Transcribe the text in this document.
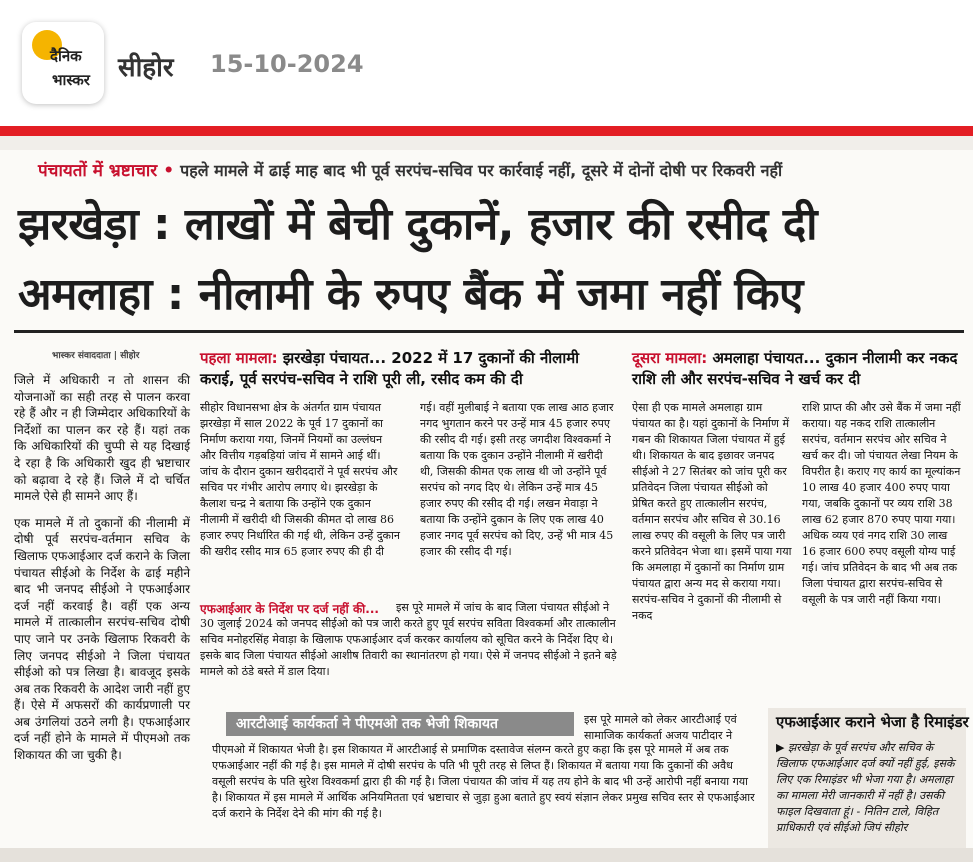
दैनिक
भास्कर सीहोर 15-10-2024
पंचायतों में भ्रष्टाचार • पहले मामले में ढाई माह बाद भी पूर्व सरपंच-सचिव पर कार्रवाई नहीं, दूसरे में दोनों दोषी पर रिकवरी नहीं
झरखेड़ा : लाखों में बेची दुकानें, हजार की रसीद दी
अमलाहा : नीलामी के रुपए बैंक में जमा नहीं किए
भास्कर संवाददाता | सीहोर

जिले में अधिकारी न तो शासन की योजनाओं का सही तरह से पालन करवा रहे हैं और न ही जिम्मेदार अधिकारियों के निर्देशों का पालन कर रहे हैं। यहां तक कि अधिकारियों की चुप्पी से यह दिखाई दे रहा है कि अधिकारी खुद ही भ्रष्टाचार को बढ़ावा दे रहे हैं। जिले में दो चर्चित मामले ऐसे ही सामने आए हैं।

एक मामले में तो दुकानों की नीलामी में दोषी पूर्व सरपंच-वर्तमान सचिव के खिलाफ एफआईआर दर्ज कराने के जिला पंचायत सीईओ के निर्देश के ढाई महीने बाद भी जनपद सीईओ ने एफआईआर दर्ज नहीं करवाई है। वहीं एक अन्य मामले में तात्कालीन सरपंच-सचिव दोषी पाए जाने पर उनके खिलाफ रिकवरी के लिए जनपद सीईओ ने जिला पंचायत सीईओ को पत्र लिखा है। बावजूद इसके अब तक रिकवरी के आदेश जारी नहीं हुए हैं। ऐसे में अफसरों की कार्यप्रणाली पर अब उंगलियां उठने लगी है। एफआईआर दर्ज नहीं होने के मामले में पीएमओ तक शिकायत की जा चुकी है।

पहला मामला: झरखेड़ा पंचायत... 2022 में 17 दुकानों की नीलामी कराई, पूर्व सरपंच-सचिव ने राशि पूरी ली, रसीद कम की दी
सीहोर विधानसभा क्षेत्र के अंतर्गत ग्राम पंचायत झरखेड़ा में साल 2022 के पूर्व 17 दुकानों का निर्माण कराया गया, जिनमें नियमों का उल्लंघन और वित्तीय गड़बड़ियां जांच में सामने आई थीं। जांच के दौरान दुकान खरीददारों ने पूर्व सरपंच और सचिव पर गंभीर आरोप लगाए थे। झरखेड़ा के कैलाश चन्द्र ने बताया कि उन्होंने एक दुकान नीलामी में खरीदी थी जिसकी कीमत दो लाख 86 हजार रुपए निर्धारित की गई थी, लेकिन उन्हें दुकान की खरीद रसीद मात्र 65 हजार रुपए की ही दी
गई। वहीं मुलीबाई ने बताया एक लाख आठ हजार नगद भुगतान करने पर उन्हें मात्र 45 हजार रुपए की रसीद दी गई। इसी तरह जगदीश विश्वकर्मा ने बताया कि एक दुकान उन्होंने नीलामी में खरीदी थी, जिसकी कीमत एक लाख थी जो उन्होंने पूर्व सरपंच को नगद दिए थे। लेकिन उन्हें मात्र 45 हजार रुपए की रसीद दी गई। लखन मेवाड़ा ने बताया कि उन्होंने दुकान के लिए एक लाख 40 हजार नगद पूर्व सरपंच को दिए, उन्हें भी मात्र 45 हजार की रसीद दी गई।
एफआईआर के निर्देश पर दर्ज नहीं की...	इस पूरे मामले में जांच के बाद जिला पंचायत सीईओ ने 30 जुलाई 2024 को जनपद सीईओ को पत्र जारी करते हुए पूर्व सरपंच सविता विश्वकर्मा और तात्कालीन सचिव मनोहरसिंह मेवाड़ा के खिलाफ एफआईआर दर्ज करकर कार्यालय को सूचित करने के निर्देश दिए थे। इसके बाद जिला पंचायत सीईओ आशीष तिवारी का स्थानांतरण हो गया। ऐसे में जनपद सीईओ ने इतने बड़े मामले को ठंडे बस्ते में डाल दिया।
दूसरा मामला: अमलाहा पंचायत... दुकान नीलामी कर नकद राशि ली और सरपंच-सचिव ने खर्च कर दी
ऐसा ही एक मामले अमलाहा ग्राम पंचायत का है। यहां दुकानों के निर्माण में गबन की शिकायत जिला पंचायत में हुई थी। शिकायत के बाद इछावर जनपद सीईओ ने 27 सितंबर को जांच पूरी कर प्रतिवेदन जिला पंचायत सीईओ को प्रेषित करते हुए तात्कालीन सरपंच, वर्तमान सरपंच और सचिव से 30.16 लाख रुपए की वसूली के लिए पत्र जारी करने प्रतिवेदन भेजा था। इसमें पाया गया कि अमलाहा में दुकानों का निर्माण ग्राम पंचायत द्वारा अन्य मद से कराया गया। सरपंच-सचिव ने दुकानों की नीलामी से नकद
राशि प्राप्त की और उसे बैंक में जमा नहीं कराया। यह नकद राशि तात्कालीन सरपंच, वर्तमान सरपंच ओर सचिव ने खर्च कर दी। जो पंचायत लेखा नियम के विपरीत है। कराए गए कार्य का मूल्यांकन 10 लाख 40 हजार 400 रुपए पाया गया, जबकि दुकानों पर व्यय राशि 38 लाख 62 हजार 870 रुपए पाया गया। अधिक व्यय एवं नगद राशि 30 लाख 16 हजार 600 रुपए वसूली योग्य पाई गई। जांच प्रतिवेदन के बाद भी अब तक जिला पंचायत द्वारा सरपंच-सचिव से वसूली के पत्र जारी नहीं किया गया।
आरटीआई कार्यकर्ता ने पीएमओ तक भेजी शिकायत	इस पूरे मामले को लेकर आरटीआई एवं सामाजिक कार्यकर्ता अजय पाटीदार ने
पीएमओ में शिकायत भेजी है। इस शिकायत में आरटीआई से प्रमाणिक दस्तावेज संलग्न करते हुए कहा कि इस पूरे मामले में अब तक एफआईआर नहीं की गई है। इस मामले में दोषी सरपंच के पति भी पूरी तरह से लिप्त हैं। शिकायत में बताया गया कि दुकानों की अवैध वसूली सरपंच के पति सुरेश विश्वकर्मा द्वारा ही की गई है। जिला पंचायत की जांच में यह तय होने के बाद भी उन्हें आरोपी नहीं बनाया गया है। शिकायत में इस मामले में आर्थिक अनियमितता एवं भ्रष्टाचार से जुड़ा हुआ बताते हुए स्वयं संज्ञान लेकर प्रमुख सचिव स्तर से एफआईआर दर्ज कराने के निर्देश देने की मांग की गई है।
एफआईआर कराने भेजा है रिमाइंडर
▶ झरखेड़ा के पूर्व सरपंच और सचिव के खिलाफ एफआईआर दर्ज क्यों नहीं हुई, इसके लिए एक रिमाइंडर भी भेजा गया है। अमलाहा का मामला मेरी जानकारी में नहीं है। उसकी फाइल दिखवाता हूं। - नितिन टाले, विहित प्राधिकारी एवं सीईओ जिपं सीहोर
